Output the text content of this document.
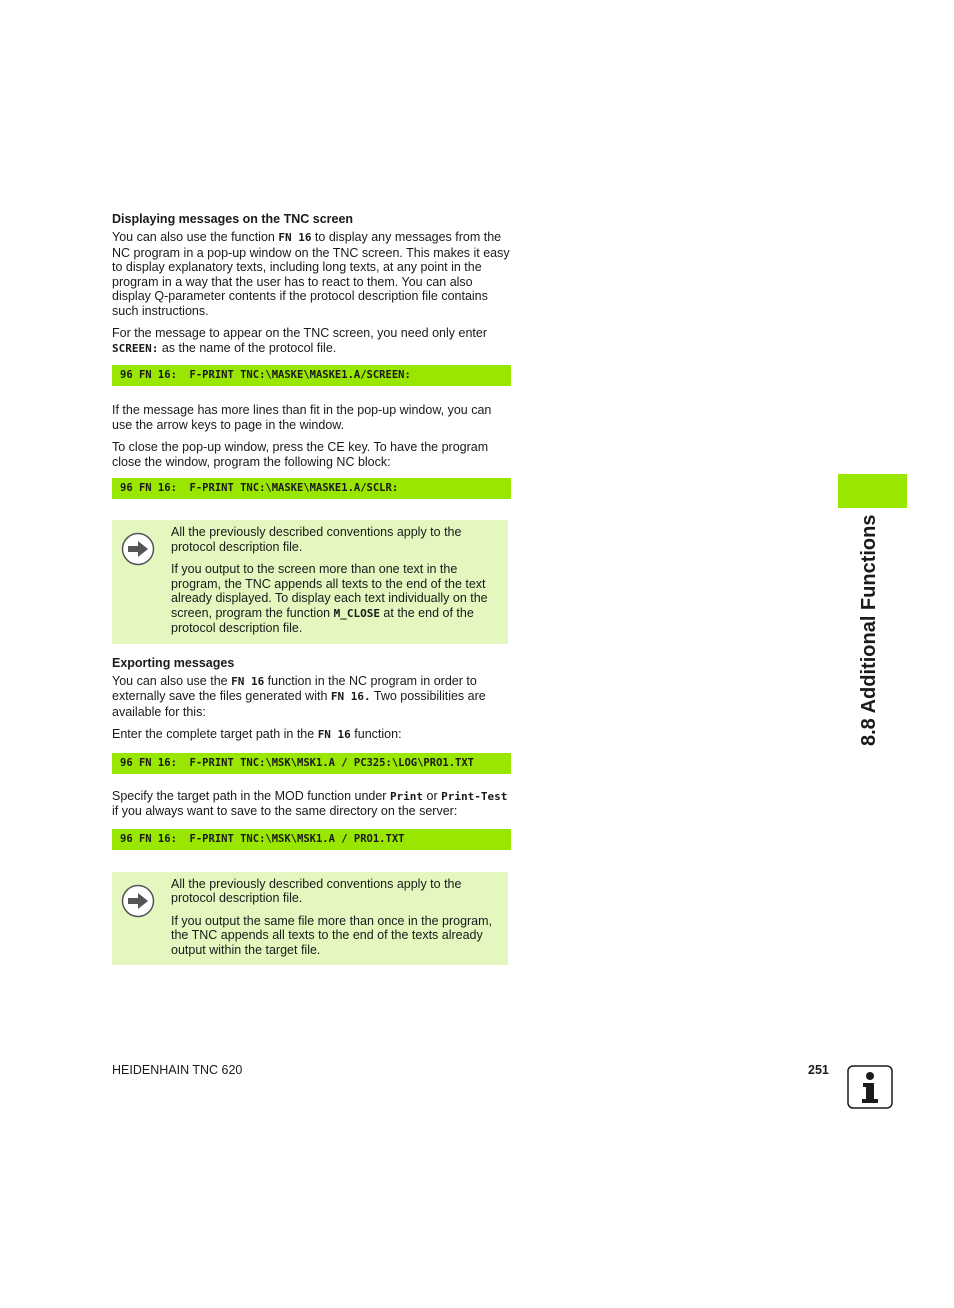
8.8 Additional Functions
Displaying messages on the TNC screen

You can also use the function FN 16 to display any messages from the NC program in a pop-up window on the TNC screen. This makes it easy to display explanatory texts, including long texts, at any point in the program in a way that the user has to react to them. You can also display Q-parameter contents if the protocol description file contains such instructions.

For the message to appear on the TNC screen, you need only enter SCREEN: as the name of the protocol file.

96 FN 16:  F-PRINT TNC:\MASKE\MASKE1.A/SCREEN:

If the message has more lines than fit in the pop-up window, you can use the arrow keys to page in the window.

To close the pop-up window, press the CE key. To have the program close the window, program the following NC block:

96 FN 16:  F-PRINT TNC:\MASKE\MASKE1.A/SCLR:

All the previously described conventions apply to the protocol description file.

If you output to the screen more than one text in the program, the TNC appends all texts to the end of the text already displayed. To display each text individually on the screen, program the function M_CLOSE at the end of the protocol description file.

Exporting messages

You can also use the FN 16 function in the NC program in order to externally save the files generated with FN 16. Two possibilities are available for this:

Enter the complete target path in the FN 16 function:

96 FN 16:  F-PRINT TNC:\MSK\MSK1.A / PC325:\LOG\PRO1.TXT

Specify the target path in the MOD function under Print or Print-Test if you always want to save to the same directory on the server:

96 FN 16:  F-PRINT TNC:\MSK\MSK1.A / PRO1.TXT

All the previously described conventions apply to the protocol description file.

If you output the same file more than once in the program, the TNC appends all texts to the end of the texts already output within the target file.

HEIDENHAIN TNC 620	251
